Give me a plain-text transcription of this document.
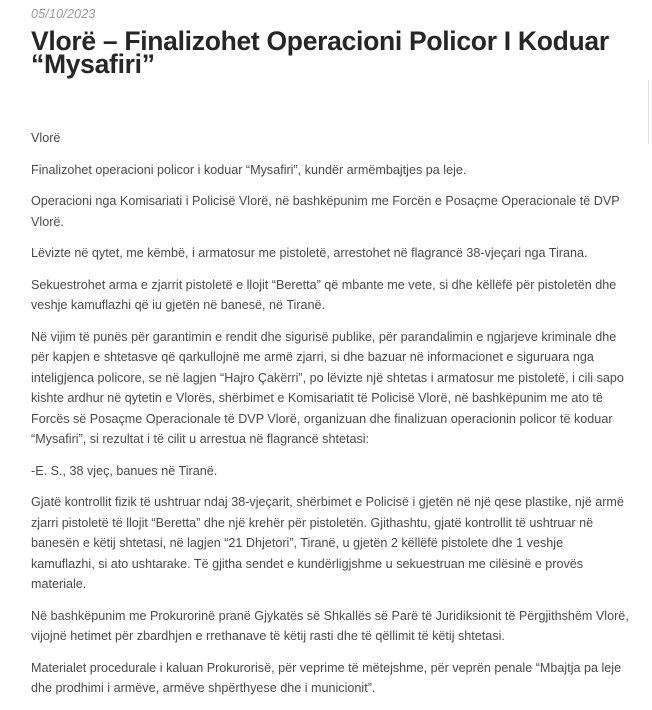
05/10/2023
Vlorë – Finalizohet Operacioni Policor I Koduar “Mysafiri”

Vlorë

Finalizohet operacioni policor i koduar “Mysafiri”, kundër armëmbajtjes pa leje.

Operacioni nga Komisariati i Policisë Vlorë, në bashkëpunim me Forcën e Posaçme Operacionale të DVP Vlorë.

Lëvizte në qytet, me këmbë, i armatosur me pistoletë, arrestohet në flagrancë 38-vjeçari nga Tirana.

Sekuestrohet arma e zjarrit pistoletë e llojit “Beretta” që mbante me vete, si dhe këllëfë për pistoletën dhe veshje kamuflazhi që iu gjetën në banesë, në Tiranë.

Në vijim të punës për garantimin e rendit dhe sigurisë publike, për parandalimin e ngjarjeve kriminale dhe për kapjen e shtetasve që qarkullojnë me armë zjarri, si dhe bazuar në informacionet e siguruara nga inteligjenca policore, se në lagjen “Hajro Çakërri”, po lëvizte një shtetas i armatosur me pistoletë, i cili sapo kishte ardhur në qytetin e Vlorës, shërbimet e Komisariatit të Policisë Vlorë, në bashkëpunim me ato të Forcës së Posaçme Operacionale të DVP Vlorë, organizuan dhe finalizuan operacionin policor të koduar “Mysafiri”, si rezultat i të cilit u arrestua në flagrancë shtetasi:

-E. S., 38 vjeç, banues në Tiranë.

Gjatë kontrollit fizik të ushtruar ndaj 38-vjeçarit, shërbimet e Policisë i gjetën në një qese plastike, një armë zjarri pistoletë të llojit “Beretta” dhe një krehër për pistoletën. Gjithashtu, gjatë kontrollit të ushtruar në banesën e këtij shtetasi, në lagjen “21 Dhjetori”, Tiranë, u gjetën 2 këllëfë pistolete dhe 1 veshje kamuflazhi, si ato ushtarake. Të gjitha sendet e kundërligjshme u sekuestruan me cilësinë e provës materiale.

Në bashkëpunim me Prokurorinë pranë Gjykatës së Shkallës së Parë të Juridiksionit të Përgjithshëm Vlorë, vijojnë hetimet për zbardhjen e rrethanave të këtij rasti dhe të qëllimit të këtij shtetasi.

Materialet procedurale i kaluan Prokurorisë, për veprime të mëtejshme, për veprën penale “Mbajtja pa leje dhe prodhimi i armëve, armëve shpërthyese dhe i municionit”.
